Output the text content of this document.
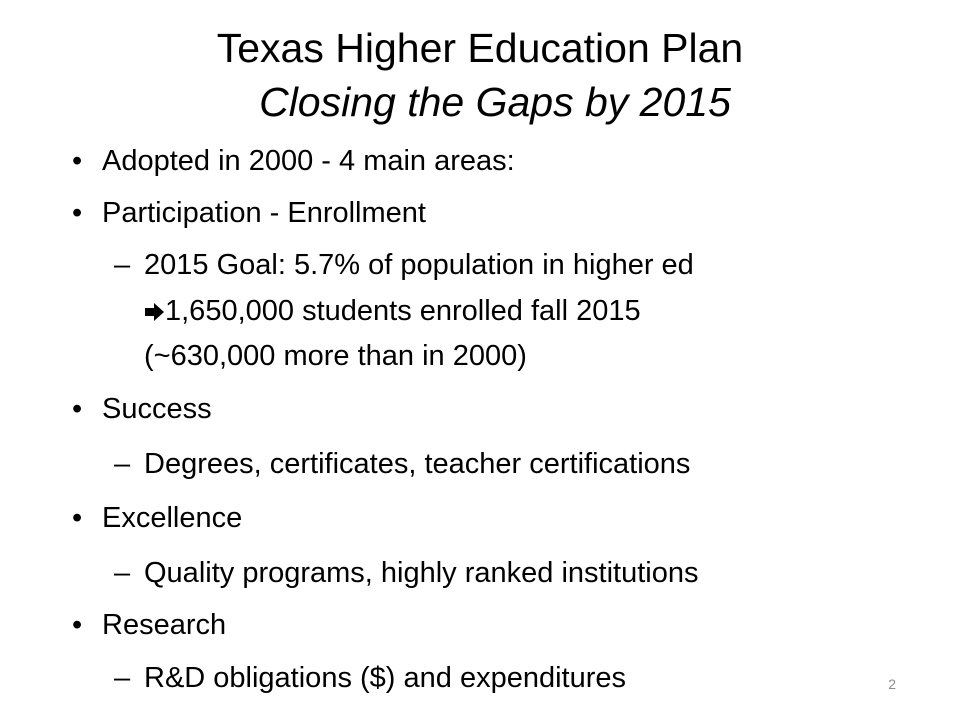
Texas Higher Education Plan
Closing the Gaps by 2015
• Adopted in 2000 - 4 main areas:
• Participation - Enrollment
– 2015 Goal: 5.7% of population in higher ed
1,650,000 students enrolled fall 2015
(~630,000 more than in 2000)
• Success
– Degrees, certificates, teacher certifications
• Excellence
– Quality programs, highly ranked institutions
• Research
– R&D obligations ($) and expenditures	2
